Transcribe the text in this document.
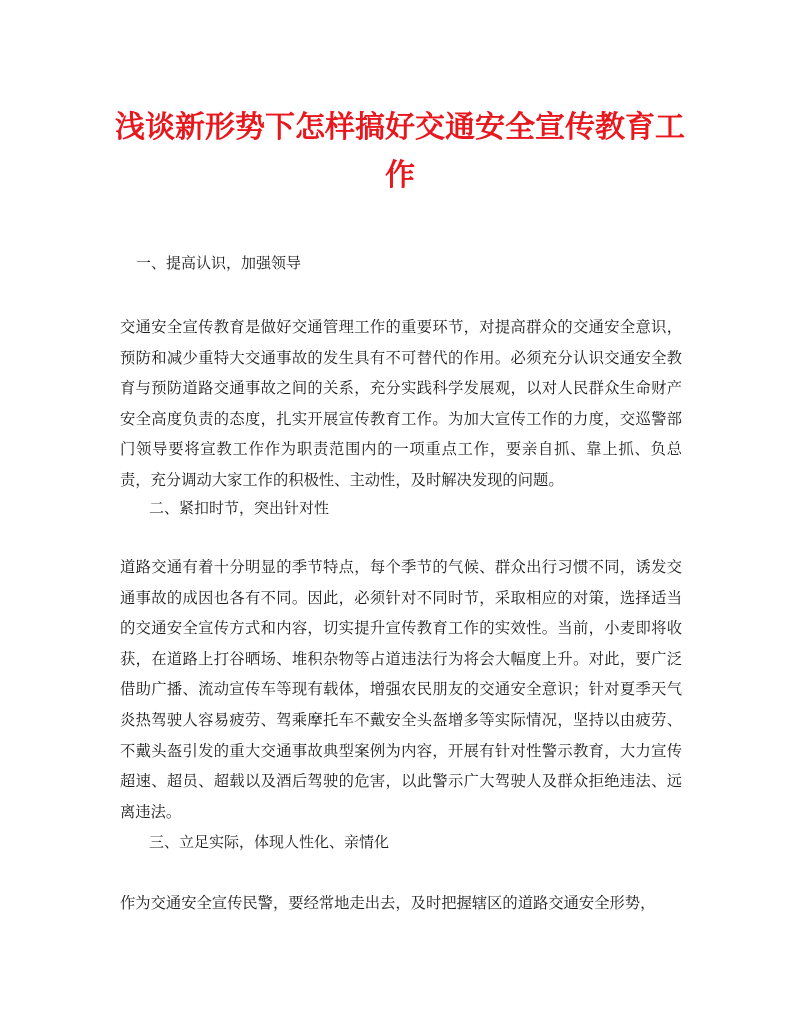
浅谈新形势下怎样搞好交通安全宣传教育工作
一、提高认识，加强领导
交通安全宣传教育是做好交通管理工作的重要环节，对提高群众的交通安全意识，预防和减少重特大交通事故的发生具有不可替代的作用。必须充分认识交通安全教育与预防道路交通事故之间的关系，充分实践科学发展观，以对人民群众生命财产安全高度负责的态度，扎实开展宣传教育工作。为加大宣传工作的力度，交巡警部门领导要将宣教工作作为职责范围内的一项重点工作，要亲自抓、靠上抓、负总责，充分调动大家工作的积极性、主动性，及时解决发现的问题。
二、紧扣时节，突出针对性
道路交通有着十分明显的季节特点，每个季节的气候、群众出行习惯不同，诱发交通事故的成因也各有不同。因此，必须针对不同时节，采取相应的对策，选择适当的交通安全宣传方式和内容，切实提升宣传教育工作的实效性。当前，小麦即将收获，在道路上打谷晒场、堆积杂物等占道违法行为将会大幅度上升。对此，要广泛借助广播、流动宣传车等现有载体，增强农民朋友的交通安全意识；针对夏季天气炎热驾驶人容易疲劳、驾乘摩托车不戴安全头盔增多等实际情况，坚持以由疲劳、不戴头盔引发的重大交通事故典型案例为内容，开展有针对性警示教育，大力宣传超速、超员、超载以及酒后驾驶的危害，以此警示广大驾驶人及群众拒绝违法、远离违法。
三、立足实际，体现人性化、亲情化
作为交通安全宣传民警，要经常地走出去，及时把握辖区的道路交通安全形势，
